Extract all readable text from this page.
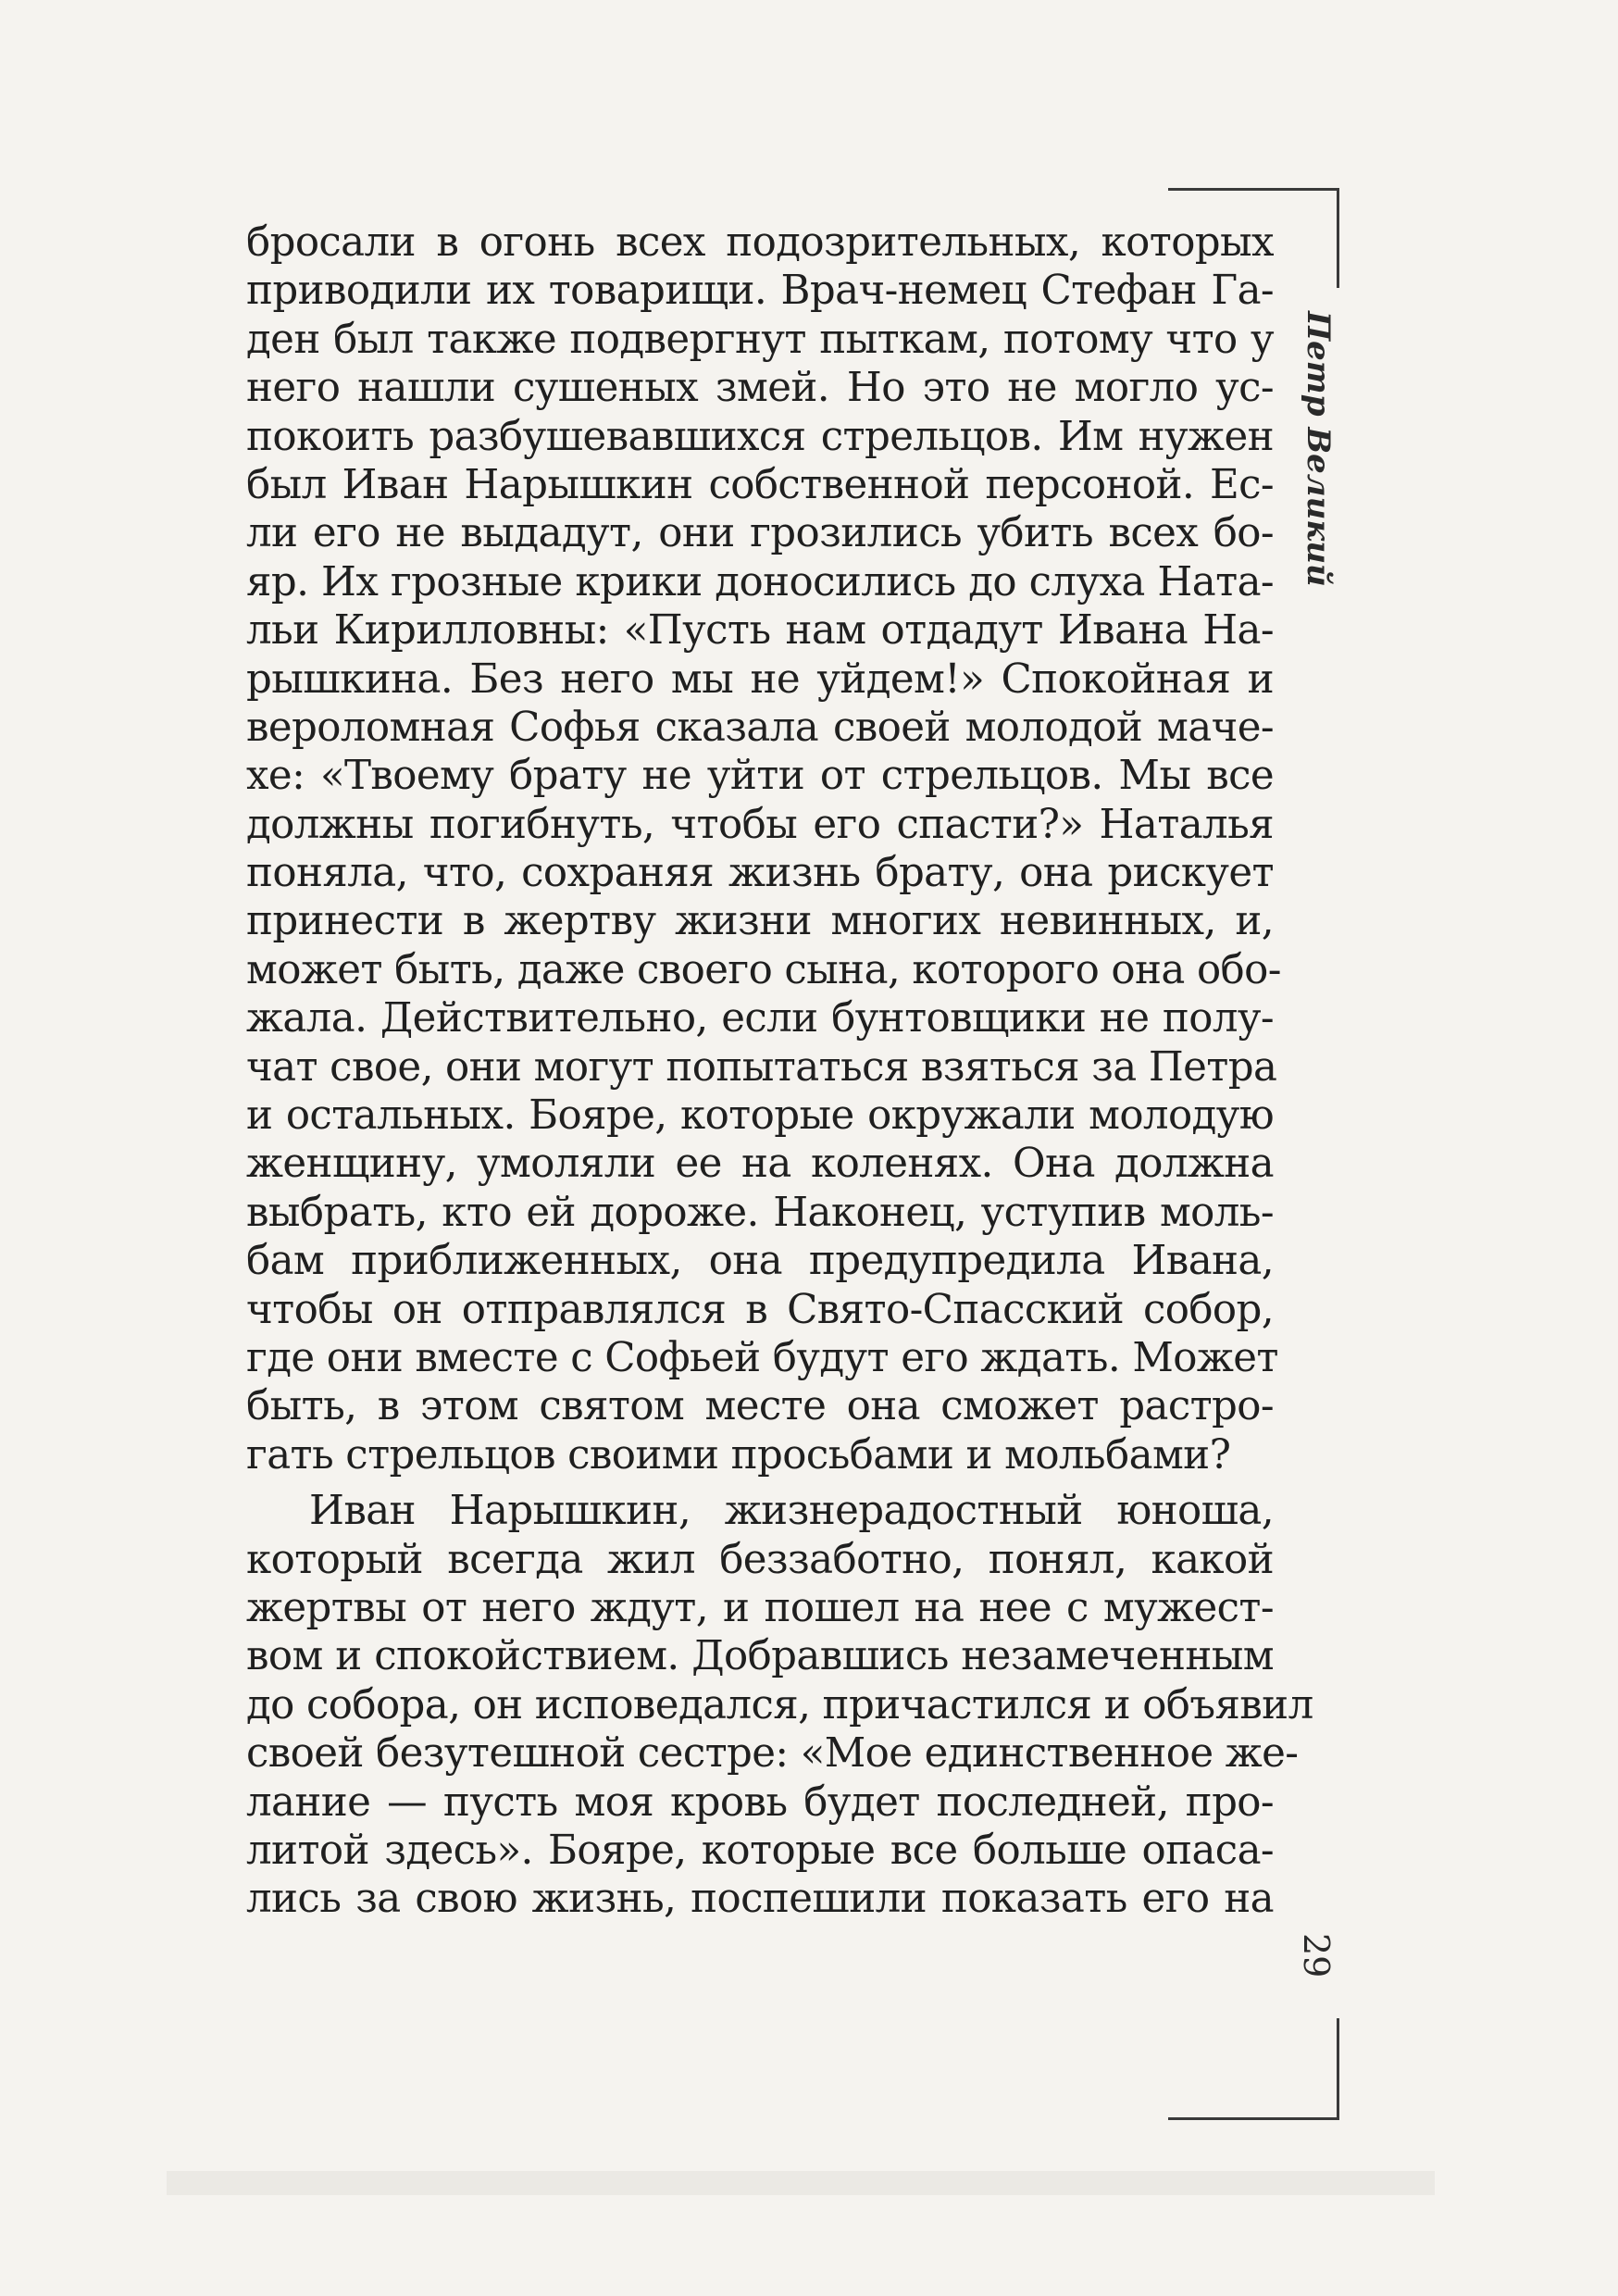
Петр Великий
29
бросали в огонь всех подозрительных, которых
приводили их товарищи. Врач-немец Стефан Га-
ден был также подвергнут пыткам, потому что у
него нашли сушеных змей. Но это не могло ус-
покоить разбушевавшихся стрельцов. Им нужен
был Иван Нарышкин собственной персоной. Ес-
ли его не выдадут, они грозились убить всех бо-
яр. Их грозные крики доносились до слуха Ната-
льи Кирилловны: «Пусть нам отдадут Ивана На-
рышкина. Без него мы не уйдем!» Спокойная и
вероломная Софья сказала своей молодой маче-
хе: «Твоему брату не уйти от стрельцов. Мы все
должны погибнуть, чтобы его спасти?» Наталья
поняла, что, сохраняя жизнь брату, она рискует
принести в жертву жизни многих невинных, и,
может быть, даже своего сына, которого она обо-
жала. Действительно, если бунтовщики не полу-
чат свое, они могут попытаться взяться за Петра
и остальных. Бояре, которые окружали молодую
женщину, умоляли ее на коленях. Она должна
выбрать, кто ей дороже. Наконец, уступив моль-
бам приближенных, она предупредила Ивана,
чтобы он отправлялся в Свято-Спасский собор,
где они вместе с Софьей будут его ждать. Может
быть, в этом святом месте она сможет растро-
гать стрельцов своими просьбами и мольбами?
Иван Нарышкин, жизнерадостный юноша,
который всегда жил беззаботно, понял, какой
жертвы от него ждут, и пошел на нее с мужест-
вом и спокойствием. Добравшись незамеченным
до собора, он исповедался, причастился и объявил
своей безутешной сестре: «Мое единственное же-
лание — пусть моя кровь будет последней, про-
литой здесь». Бояре, которые все больше опаса-
лись за свою жизнь, поспешили показать его на
